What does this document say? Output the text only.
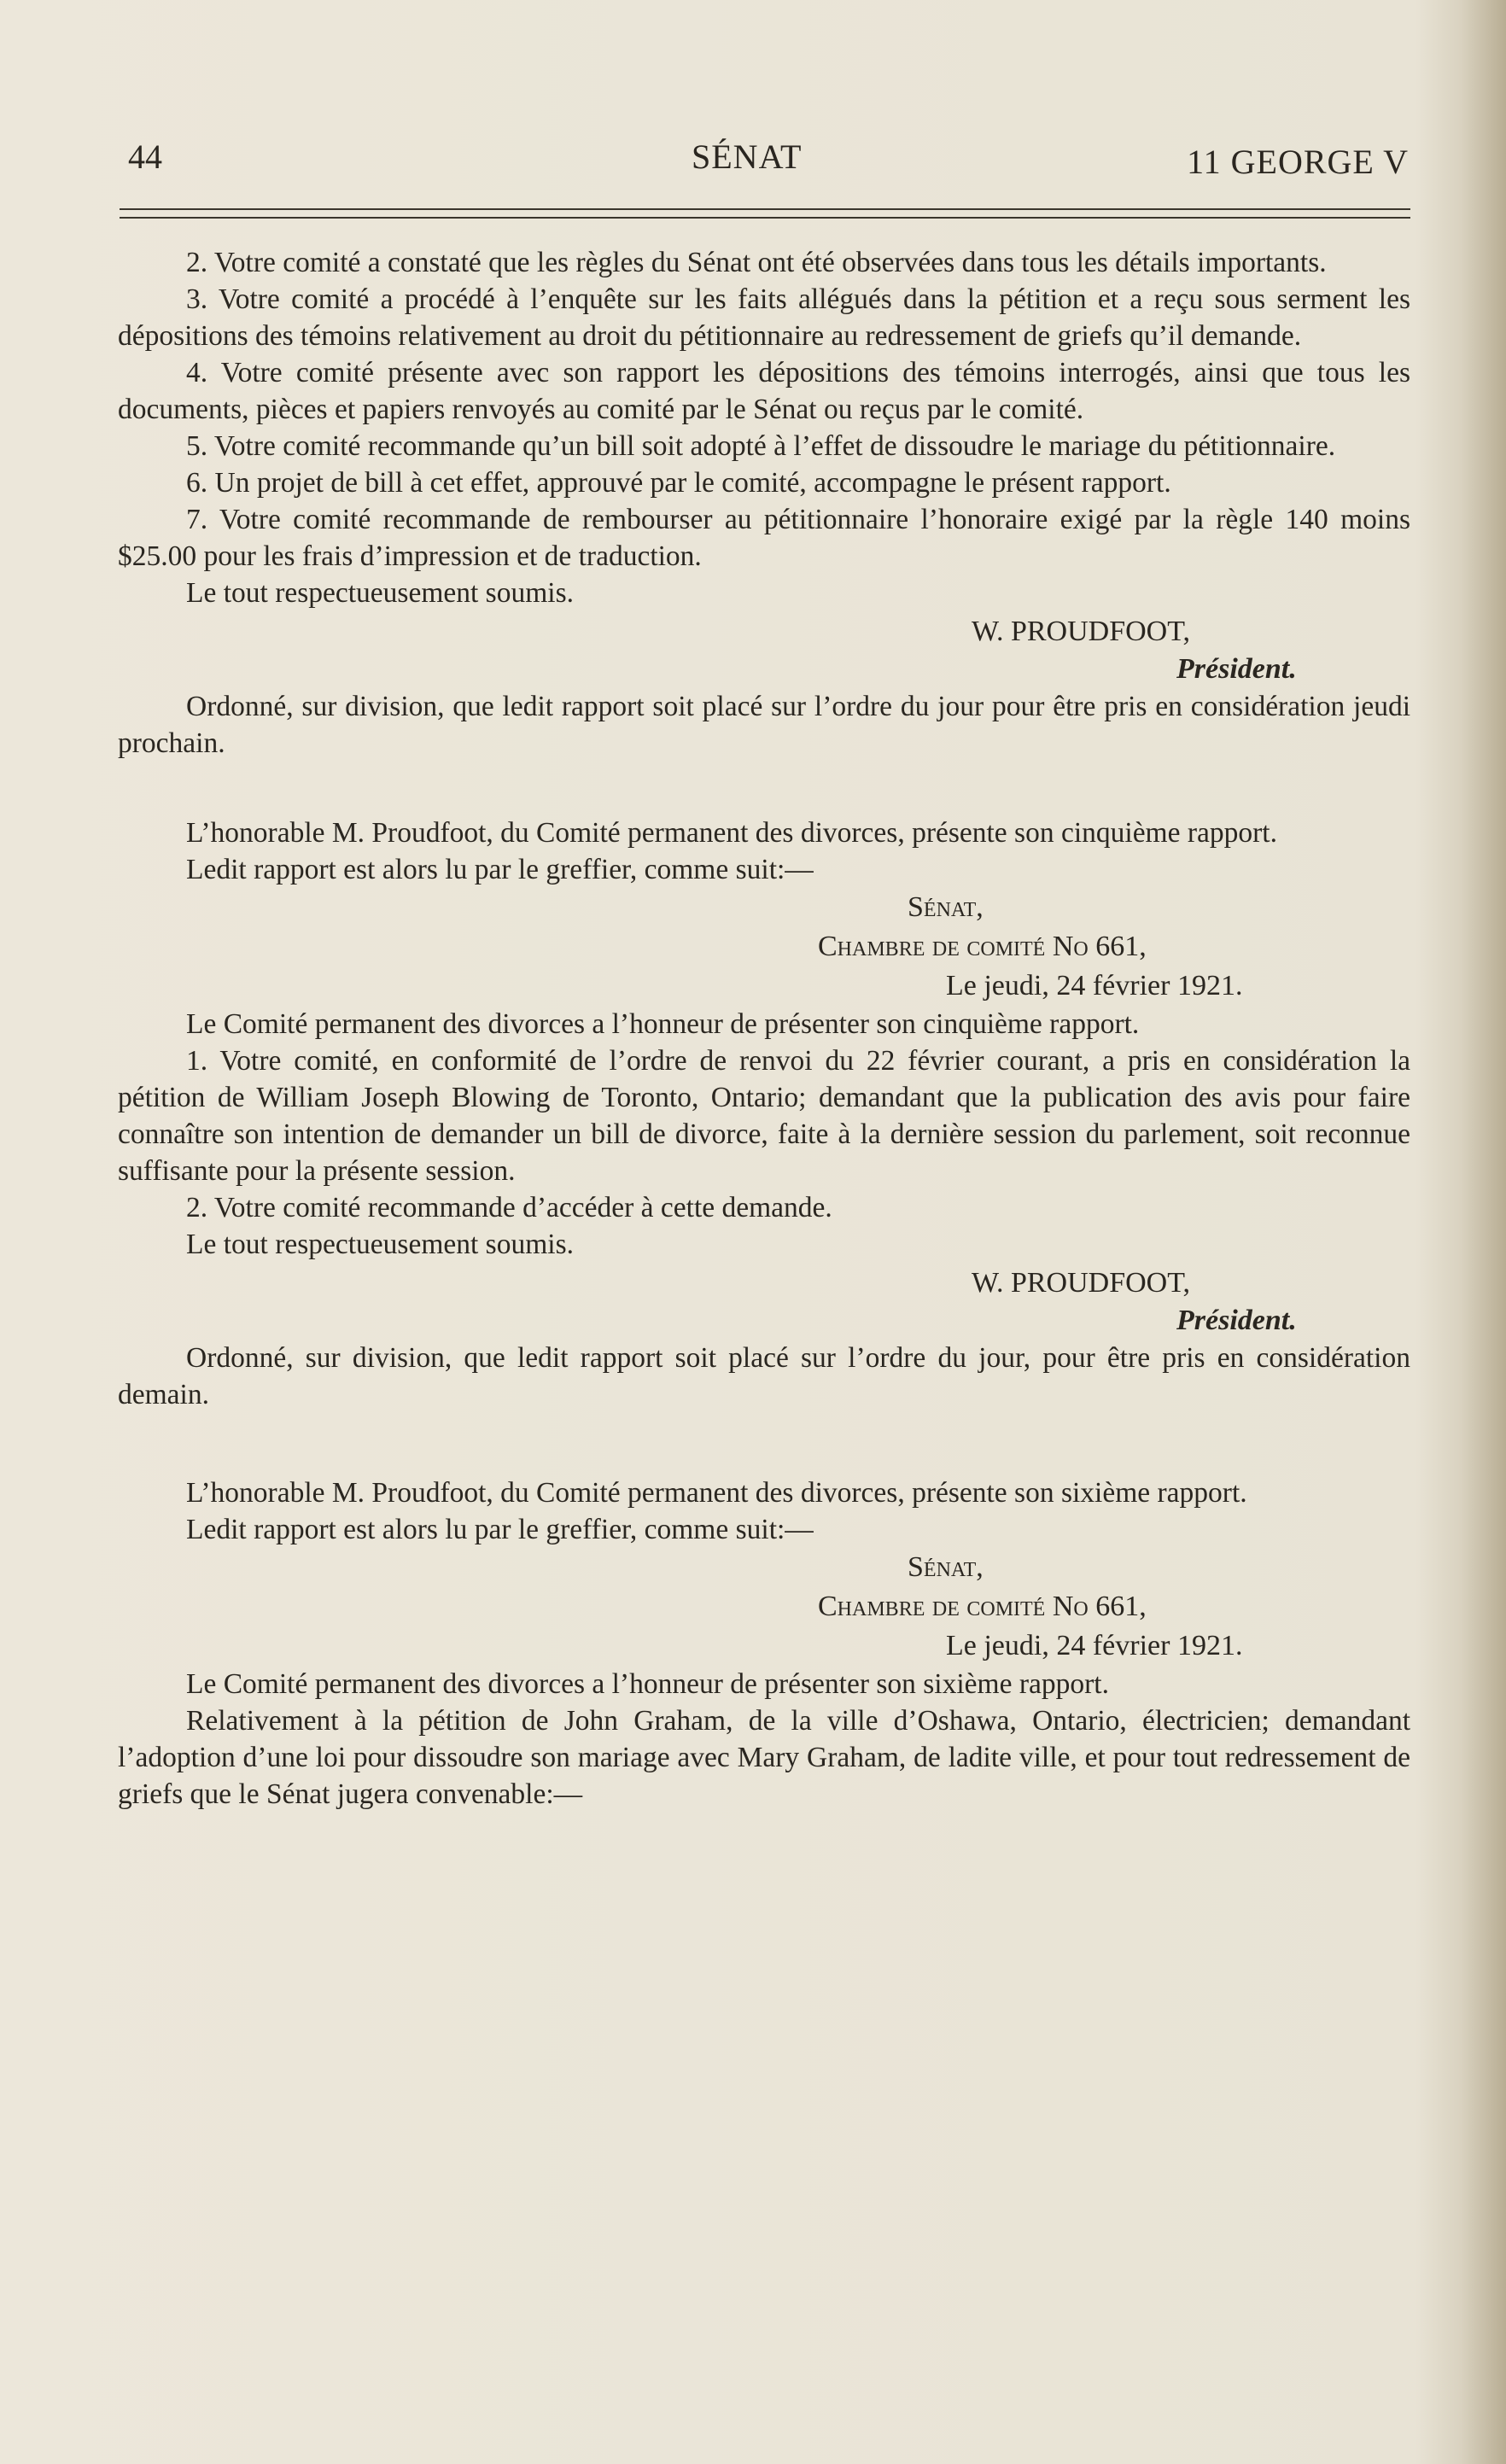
44	SÉNAT	11 GEORGE V

2. Votre comité a constaté que les règles du Sénat ont été observées dans tous les détails importants.

3. Votre comité a procédé à l’enquête sur les faits allégués dans la pétition et a reçu sous serment les dépositions des témoins relativement au droit du pétitionnaire au redressement de griefs qu’il demande.

4. Votre comité présente avec son rapport les dépositions des témoins interrogés, ainsi que tous les documents, pièces et papiers renvoyés au comité par le Sénat ou reçus par le comité.

5. Votre comité recommande qu’un bill soit adopté à l’effet de dissoudre le mariage du pétitionnaire.

6. Un projet de bill à cet effet, approuvé par le comité, accompagne le présent rapport.

7. Votre comité recommande de rembourser au pétitionnaire l’honoraire exigé par la règle 140 moins $25.00 pour les frais d’impression et de traduction.

Le tout respectueusement soumis.

W. PROUDFOOT,
Président.

Ordonné, sur division, que ledit rapport soit placé sur l’ordre du jour pour être pris en considération jeudi prochain.

L’honorable M. Proudfoot, du Comité permanent des divorces, présente son cinquième rapport.

Ledit rapport est alors lu par le greffier, comme suit:—

Sénat,
Chambre de comité No 661,
Le jeudi, 24 février 1921.

Le Comité permanent des divorces a l’honneur de présenter son cinquième rapport.

1. Votre comité, en conformité de l’ordre de renvoi du 22 février courant, a pris en considération la pétition de William Joseph Blowing de Toronto, Ontario; demandant que la publication des avis pour faire connaître son intention de demander un bill de divorce, faite à la dernière session du parlement, soit reconnue suffisante pour la présente session.

2. Votre comité recommande d’accéder à cette demande.

Le tout respectueusement soumis.

W. PROUDFOOT,
Président.

Ordonné, sur division, que ledit rapport soit placé sur l’ordre du jour, pour être pris en considération demain.

L’honorable M. Proudfoot, du Comité permanent des divorces, présente son sixième rapport.

Ledit rapport est alors lu par le greffier, comme suit:—

Sénat,
Chambre de comité No 661,
Le jeudi, 24 février 1921.

Le Comité permanent des divorces a l’honneur de présenter son sixième rapport.

Relativement à la pétition de John Graham, de la ville d’Oshawa, Ontario, électricien; demandant l’adoption d’une loi pour dissoudre son mariage avec Mary Graham, de ladite ville, et pour tout redressement de griefs que le Sénat jugera convenable:—
